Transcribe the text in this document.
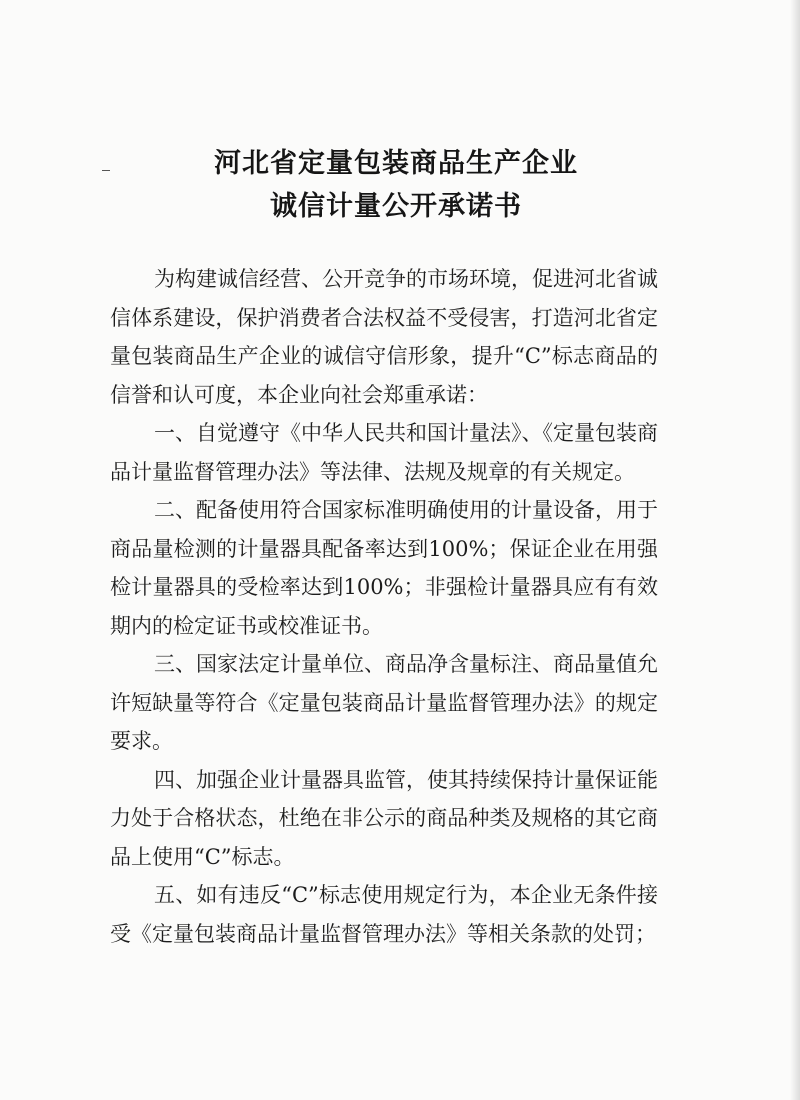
河北省定量包装商品生产企业
诚信计量公开承诺书

为构建诚信经营、公开竞争的市场环境，促进河北省诚信体系建设，保护消费者合法权益不受侵害，打造河北省定量包装商品生产企业的诚信守信形象，提升“C”标志商品的信誉和认可度，本企业向社会郑重承诺：

一、自觉遵守《中华人民共和国计量法》、《定量包装商品计量监督管理办法》等法律、法规及规章的有关规定。

二、配备使用符合国家标准明确使用的计量设备，用于商品量检测的计量器具配备率达到100%；保证企业在用强检计量器具的受检率达到100%；非强检计量器具应有有效期内的检定证书或校准证书。

三、国家法定计量单位、商品净含量标注、商品量值允许短缺量等符合《定量包装商品计量监督管理办法》的规定要求。

四、加强企业计量器具监管，使其持续保持计量保证能力处于合格状态，杜绝在非公示的商品种类及规格的其它商品上使用“C”标志。

五、如有违反“C”标志使用规定行为，本企业无条件接受《定量包装商品计量监督管理办法》等相关条款的处罚；
